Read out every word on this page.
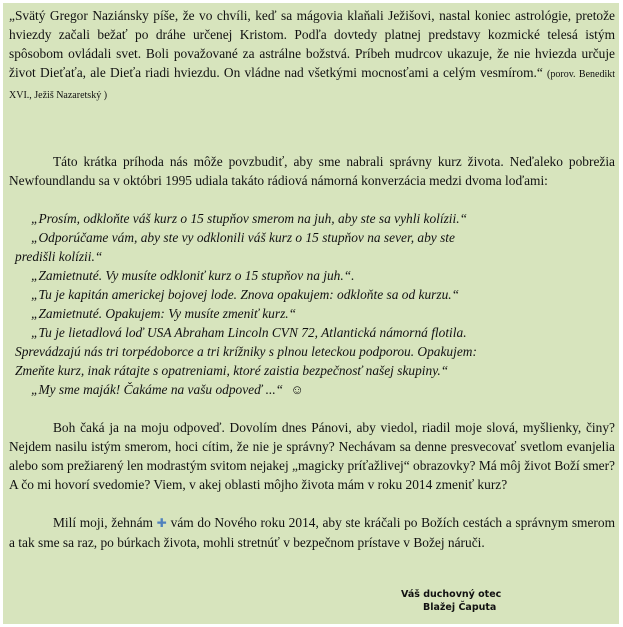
„Svätý Gregor Naziánsky píše, že vo chvíli, keď sa mágovia klaňali Ježišovi, nastal koniec astrológie, pretože hviezdy začali bežať po dráhe určenej Kristom. Podľa dovtedy platnej predstavy kozmické telesá istým spôsobom ovládali svet. Boli považované za astrálne božstvá. Príbeh mudrcov ukazuje, že nie hviezda určuje život Dieťaťa, ale Dieťa riadi hviezdu. On vládne nad všetkými mocnosťami a celým vesmírom.“ (porov. Benedikt XVI., Ježiš Nazaretský )
Táto krátka príhoda nás môže povzbudiť, aby sme nabrali správny kurz života. Neďaleko pobrežia Newfoundlandu sa v októbri 1995 udiala takáto rádiová námorná konverzácia medzi dvoma loďami:
„Prosím, odkloňte váš kurz o 15 stupňov smerom na juh, aby ste sa vyhli kolízii.“
„Odporúčame vám, aby ste vy odklonili váš kurz o 15 stupňov na sever, aby ste
predišli kolízii.“
„Zamietnuté. Vy musíte odkloniť kurz o 15 stupňov na juh.“.
„Tu je kapitán americkej bojovej lode. Znova opakujem: odkloňte sa od kurzu.“
„Zamietnuté. Opakujem: Vy musíte zmeniť kurz.“
„Tu je lietadlová loď USA Abraham Lincoln CVN 72, Atlantická námorná flotila.
Sprevádzajú nás tri torpédoborce a tri krížniky s plnou leteckou podporou. Opakujem:
Zmeňte kurz, inak rátajte s opatreniami, ktoré zaistia bezpečnosť našej skupiny.“
„My sme maják! Čakáme na vašu odpoveď ...“ ☺
Boh čaká ja na moju odpoveď. Dovolím dnes Pánovi, aby viedol, riadil moje slová, myšlienky, činy? Nejdem nasilu istým smerom, hoci cítim, že nie je správny? Nechávam sa denne presvecovať svetlom evanjelia alebo som prežiarený len modrastým svitom nejakej „magicky príťažlivej“ obrazovky? Má môj život Boží smer? A čo mi hovorí svedomie? Viem, v akej oblasti môjho života mám v roku 2014 zmeniť kurz?
Milí moji, žehnám ✚ vám do Nového roku 2014, aby ste kráčali po Božích cestách a správnym smerom a tak sme sa raz, po búrkach života, mohli stretnúť v bezpečnom prístave v Božej náruči.
Váš duchovný otec
Blažej Čaputa
